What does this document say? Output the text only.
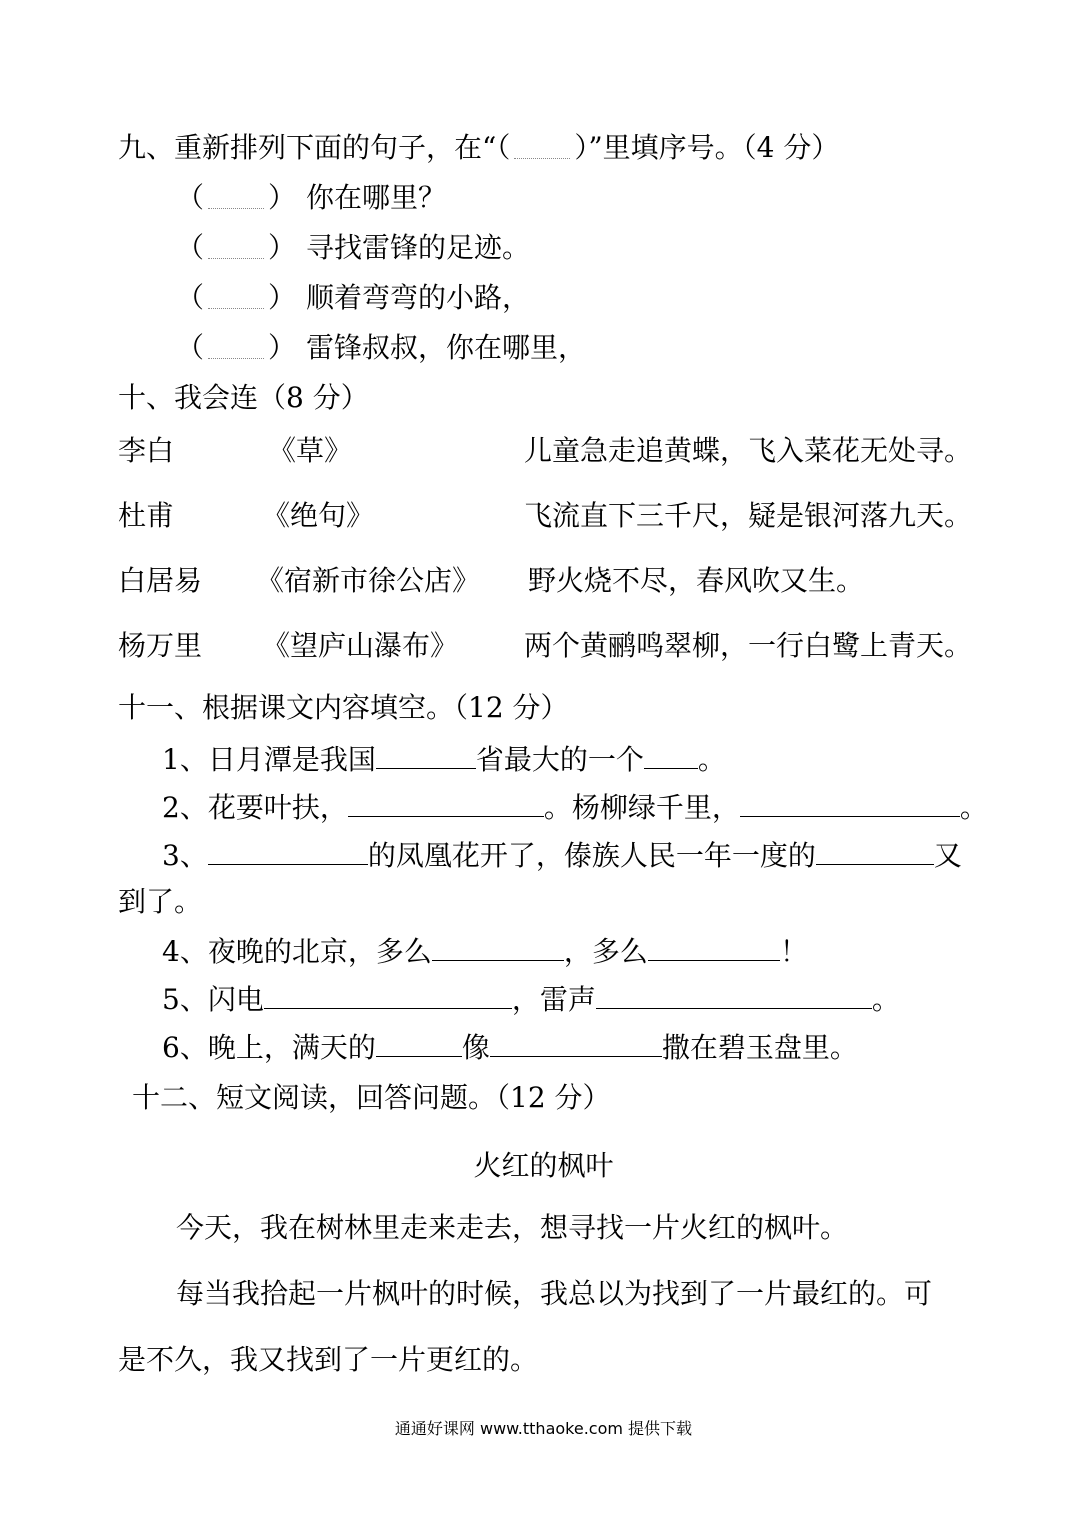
九、重新排列下面的句子，在“（ ）”里填序号。（4 分）
（ ） 你在哪里？
（ ） 寻找雷锋的足迹。
（ ） 顺着弯弯的小路，
（ ） 雷锋叔叔，你在哪里，
十、我会连（8 分）
李白	《草》	儿童急走追黄蝶，飞入菜花无处寻。
杜甫	《绝句》	飞流直下三千尺，疑是银河落九天。
白居易 《宿新市徐公店》 野火烧不尽，春风吹又生。
杨万里 《望庐山瀑布》 两个黄鹂鸣翠柳，一行白鹭上青天。
十一、根据课文内容填空。（12 分）
1、日月潭是我国	省最大的一个 。
2、花要叶扶，	。杨柳绿千里，	。
3、	的凤凰花开了，傣族人民一年一度的	又
到了。
4、夜晚的北京，多么	，多么	！
5、闪电	，雷声	。
6、晚上，满天的	像	撒在碧玉盘里。
十二、短文阅读，回答问题。（12 分）
火红的枫叶
今天，我在树林里走来走去，想寻找一片火红的枫叶。
每当我拾起一片枫叶的时候，我总以为找到了一片最红的。可
是不久，我又找到了一片更红的。
通通好课网 www.tthaoke.com 提供下载
